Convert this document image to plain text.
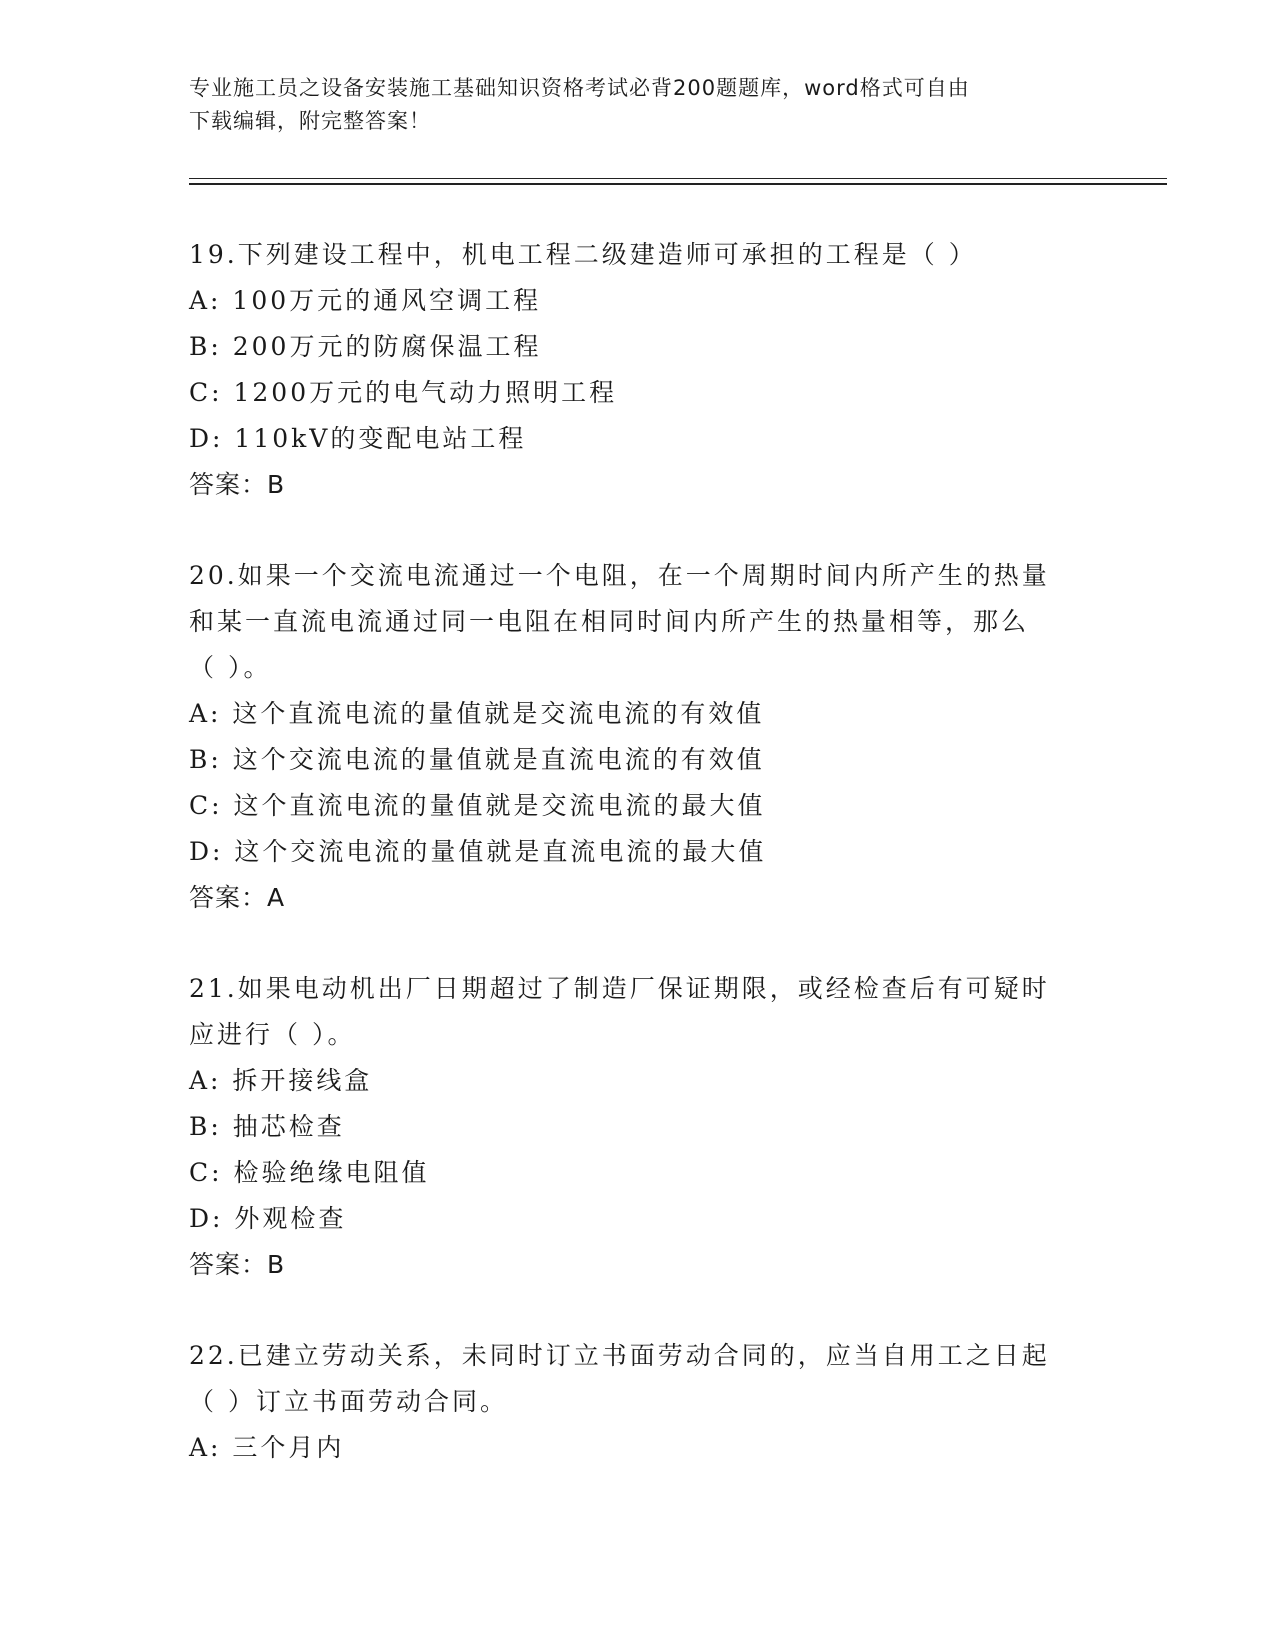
专业施工员之设备安装施工基础知识资格考试必背200题题库，word格式可自由
下载编辑，附完整答案！
19.下列建设工程中，机电工程二级建造师可承担的工程是（ ）
A: 100万元的通风空调工程
B: 200万元的防腐保温工程
C: 1200万元的电气动力照明工程
D: 110kV的变配电站工程
答案：B
20.如果一个交流电流通过一个电阻，在一个周期时间内所产生的热量
和某一直流电流通过同一电阻在相同时间内所产生的热量相等，那么
（ ）。
A: 这个直流电流的量值就是交流电流的有效值
B: 这个交流电流的量值就是直流电流的有效值
C: 这个直流电流的量值就是交流电流的最大值
D: 这个交流电流的量值就是直流电流的最大值
答案：A
21.如果电动机出厂日期超过了制造厂保证期限，或经检查后有可疑时
应进行（ ）。
A: 拆开接线盒
B: 抽芯检查
C: 检验绝缘电阻值
D: 外观检查
答案：B
22.已建立劳动关系，未同时订立书面劳动合同的，应当自用工之日起
（ ）订立书面劳动合同。
A: 三个月内
